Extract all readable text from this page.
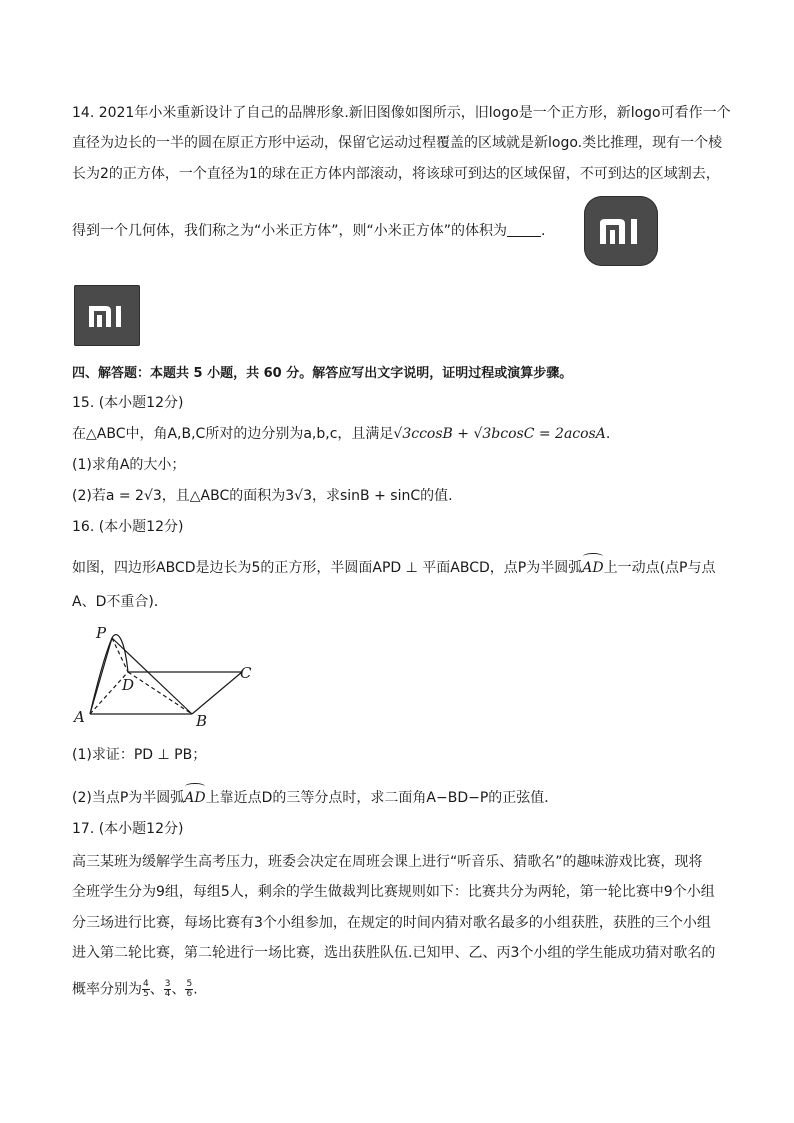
14. 2021年小米重新设计了自己的品牌形象.新旧图像如图所示，旧logo是一个正方形，新logo可看作一个
直径为边长的一半的圆在原正方形中运动，保留它运动过程覆盖的区域就是新logo.类比推理，现有一个棱
长为2的正方体，一个直径为1的球在正方体内部滚动，将该球可到达的区域保留，不可到达的区域割去，
得到一个几何体，我们称之为“小米正方体”，则“小米正方体”的体积为 .
四、解答题：本题共 5 小题，共 60 分。解答应写出文字说明，证明过程或演算步骤。
15. (本小题12分)
在△ABC中，角A,B,C所对的边分别为a,b,c，且满足√3ccosB + √3bcosC = 2acosA.
(1)求角A的大小；
(2)若a = 2√3，且△ABC的面积为3√3，求sinB + sinC的值.
16. (本小题12分)
如图，四边形ABCD是边长为5的正方形，半圆面APD ⊥ 平面ABCD，点P为半圆弧AD上一动点(点P与点
A、D不重合)．
P
D
C
A	B
(1)求证：PD ⊥ PB；
(2)当点P为半圆弧AD上靠近点D的三等分点时，求二面角A−BD−P的正弦值．
17. (本小题12分)
高三某班为缓解学生高考压力，班委会决定在周班会课上进行“听音乐、猜歌名”的趣味游戏比赛，现将
全班学生分为9组，每组5人，剩余的学生做裁判比赛规则如下：比赛共分为两轮，第一轮比赛中9个小组
分三场进行比赛，每场比赛有3个小组参加，在规定的时间内猜对歌名最多的小组获胜，获胜的三个小组
进入第二轮比赛，第二轮进行一场比赛，选出获胜队伍.已知甲、乙、丙3个小组的学生能成功猜对歌名的
概率分别为 $\frac{4}{5}$ 、 $\frac{3}{4}$ 、 $\frac{5}{6}$ .
